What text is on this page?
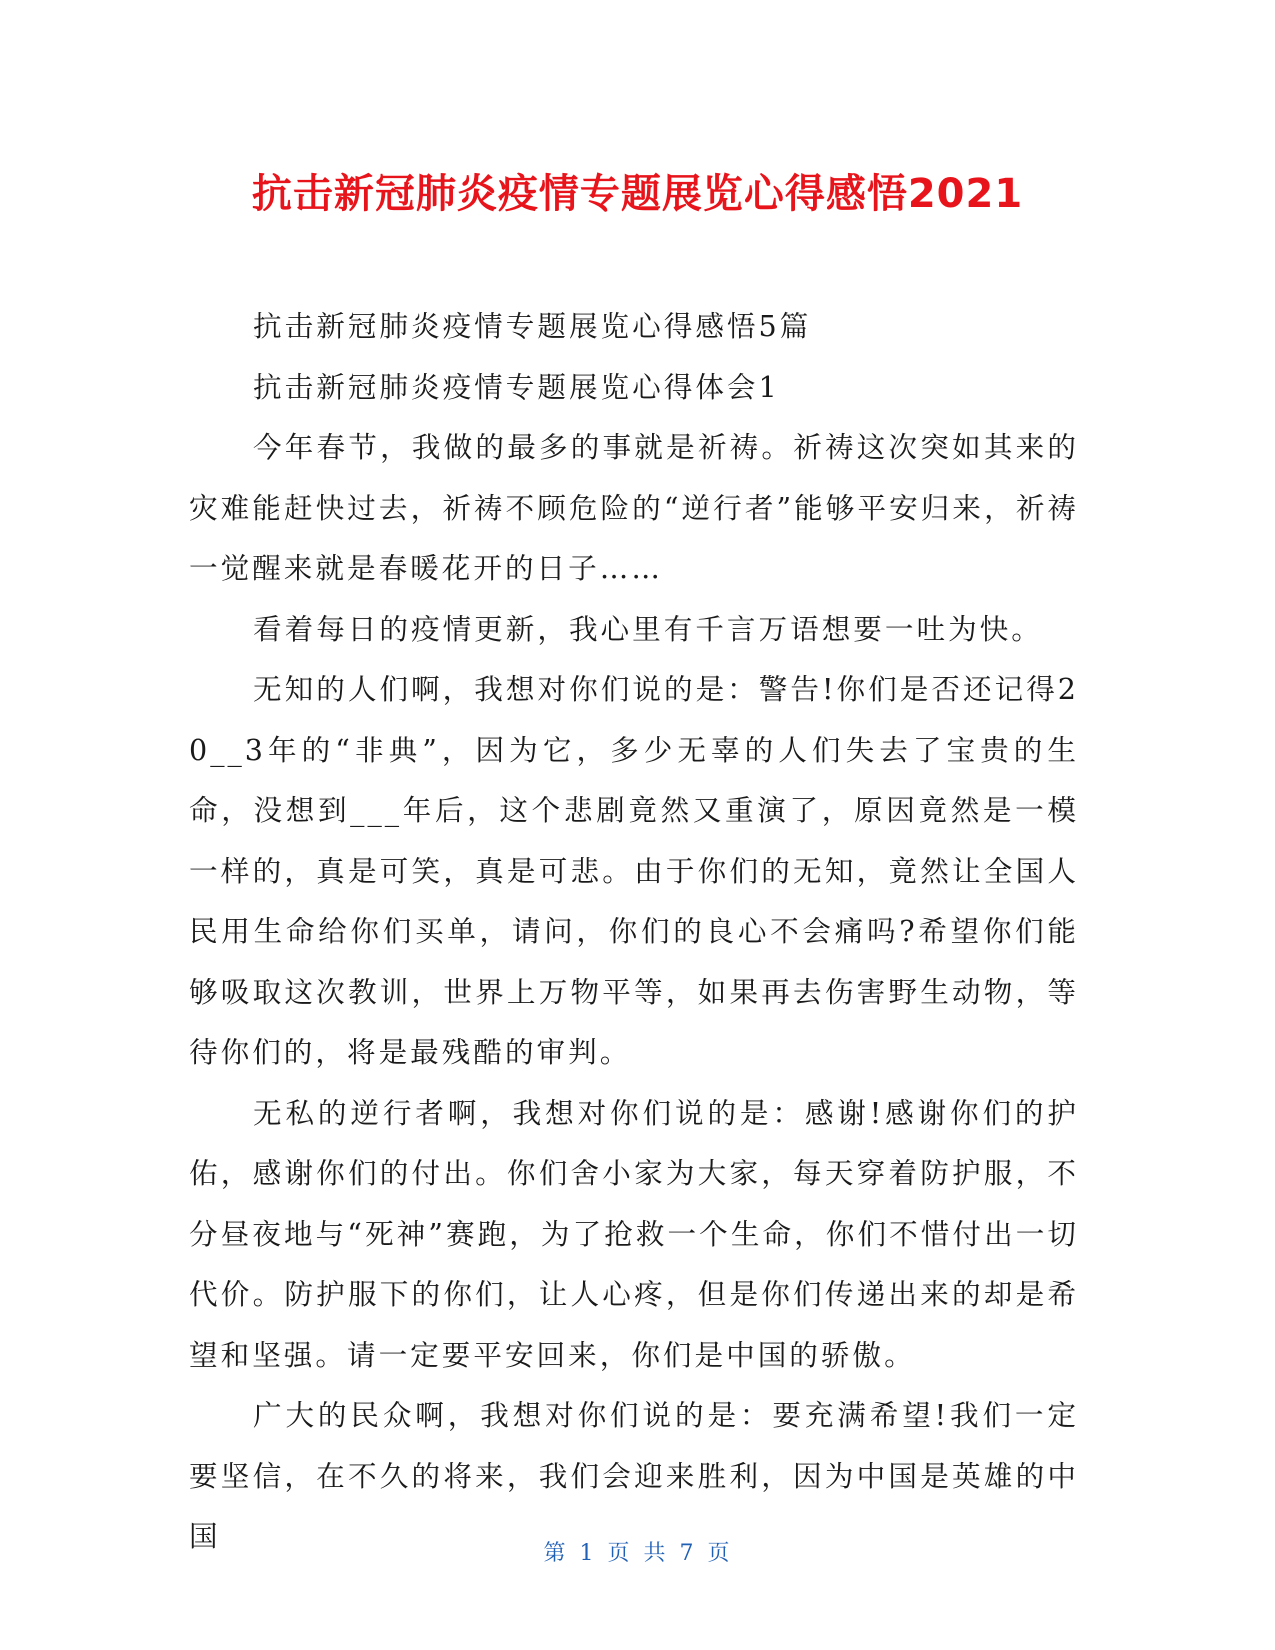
抗击新冠肺炎疫情专题展览心得感悟2021

抗击新冠肺炎疫情专题展览心得感悟5篇

抗击新冠肺炎疫情专题展览心得体会1

今年春节，我做的最多的事就是祈祷。祈祷这次突如其来的灾难能赶快过去，祈祷不顾危险的“逆行者”能够平安归来，祈祷一觉醒来就是春暖花开的日子……

看着每日的疫情更新，我心里有千言万语想要一吐为快。

无知的人们啊，我想对你们说的是：警告!你们是否还记得20__3年的“非典”，因为它，多少无辜的人们失去了宝贵的生命，没想到___年后，这个悲剧竟然又重演了，原因竟然是一模一样的，真是可笑，真是可悲。由于你们的无知，竟然让全国人民用生命给你们买单，请问，你们的良心不会痛吗?希望你们能够吸取这次教训，世界上万物平等，如果再去伤害野生动物，等待你们的，将是最残酷的审判。

无私的逆行者啊，我想对你们说的是：感谢!感谢你们的护佑，感谢你们的付出。你们舍小家为大家，每天穿着防护服，不分昼夜地与“死神”赛跑，为了抢救一个生命，你们不惜付出一切代价。防护服下的你们，让人心疼，但是你们传递出来的却是希望和坚强。请一定要平安回来，你们是中国的骄傲。

广大的民众啊，我想对你们说的是：要充满希望!我们一定要坚信，在不久的将来，我们会迎来胜利，因为中国是英雄的中国

第 1 页 共 7 页
